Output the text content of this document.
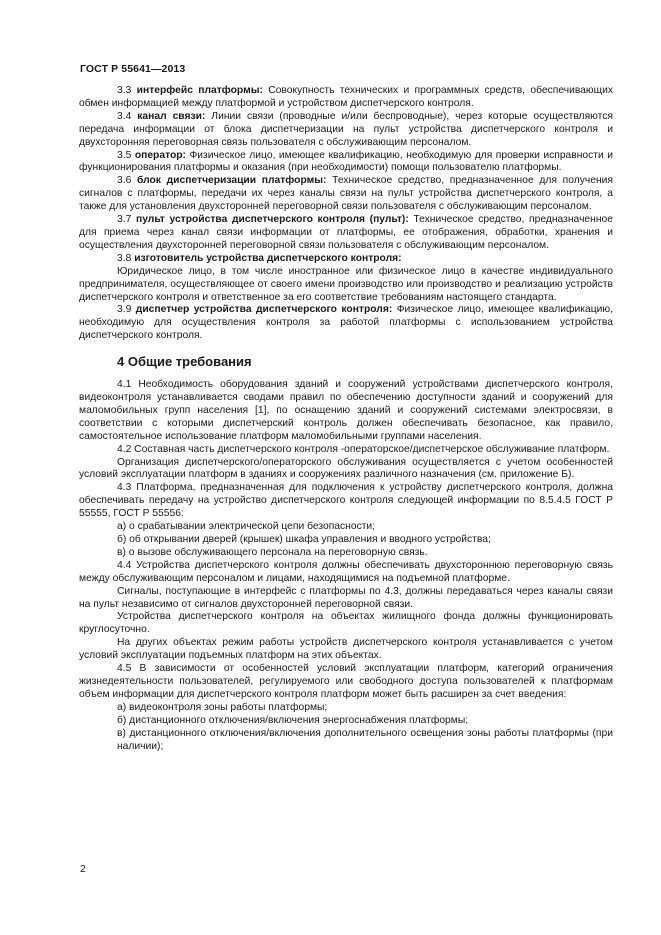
ГОСТ Р 55641—2013

3.3 интерфейс платформы: Совокупность технических и программных средств, обеспечивающих обмен информацией между платформой и устройством диспетчерского контроля.

3.4 канал связи: Линии связи (проводные и/или беспроводные), через которые осуществляются передача информации от блока диспетчеризации на пульт устройства диспетчерского контроля и двухсторонняя переговорная связь пользователя с обслуживающим персоналом.

3.5 оператор: Физическое лицо, имеющее квалификацию, необходимую для проверки исправности и функционирования платформы и оказания (при необходимости) помощи пользователю платформы.

3.6 блок диспетчеризации платформы: Техническое средство, предназначенное для получения сигналов с платформы, передачи их через каналы связи на пульт устройства диспетчерского контроля, а также для установления двухсторонней переговорной связи пользователя с обслуживающим персоналом.

3.7 пульт устройства диспетчерского контроля (пульт): Техническое средство, предназначенное для приема через канал связи информации от платформы, ее отображения, обработки, хранения и осуществления двухсторонней переговорной связи пользователя с обслуживающим персоналом.

3.8 изготовитель устройства диспетчерского контроля:

Юридическое лицо, в том числе иностранное или физическое лицо в качестве индивидуального предпринимателя, осуществляющее от своего имени производство или производство и реализацию устройств диспетчерского контроля и ответственное за его соответствие требованиям настоящего стандарта.

3.9 диспетчер устройства диспетчерского контроля: Физическое лицо, имеющее квалификацию, необходимую для осуществления контроля за работой платформы с использованием устройства диспетчерского контроля.

4 Общие требования

4.1 Необходимость оборудования зданий и сооружений устройствами диспетчерского контроля, видеоконтроля устанавливается сводами правил по обеспечению доступности зданий и сооружений для маломобильных групп населения [1], по оснащению зданий и сооружений системами электросвязи, в соответствии с которыми диспетчерский контроль должен обеспечивать безопасное, как правило, самостоятельное использование платформ маломобильными группами населения.

4.2 Составная часть диспетчерского контроля -операторское/диспетчерское обслуживание платформ.

Организация диспетчерского/операторского обслуживания осуществляется с учетом особенностей условий эксплуатации платформ в зданиях и сооружениях различного назначения (см. приложение Б).

4.3 Платформа, предназначенная для подключения к устройству диспетчерского контроля, должна обеспечивать передачу на устройство диспетчерского контроля следующей информации по 8.5.4.5 ГОСТ Р 55555, ГОСТ Р 55556:

а) о срабатывании электрической цепи безопасности;

б) об открывании дверей (крышек) шкафа управления и вводного устройства;

в) о вызове обслуживающего персонала на переговорную связь.

4.4 Устройства диспетчерского контроля должны обеспечивать двухстороннюю переговорную связь между обслуживающим персоналом и лицами, находящимися на подъемной платформе.

Сигналы, поступающие в интерфейс с платформы по 4.3, должны передаваться через каналы связи на пульт независимо от сигналов двухсторонней переговорной связи.

Устройства диспетчерского контроля на объектах жилищного фонда должны функционировать круглосуточно.

На других объектах режим работы устройств диспетчерского контроля устанавливается с учетом условий эксплуатации подъемных платформ на этих объектах.

4.5 В зависимости от особенностей условий эксплуатации платформ, категорий ограничения жизнедеятельности пользователей, регулируемого или свободного доступа пользователей к платформам объем информации для диспетчерского контроля платформ может быть расширен за счет введения:

а) видеоконтроля зоны работы платформы;

б) дистанционного отключения/включения энергоснабжения платформы;

в) дистанционного отключения/включения дополнительного освещения зоны работы платформы (при наличии);

2
